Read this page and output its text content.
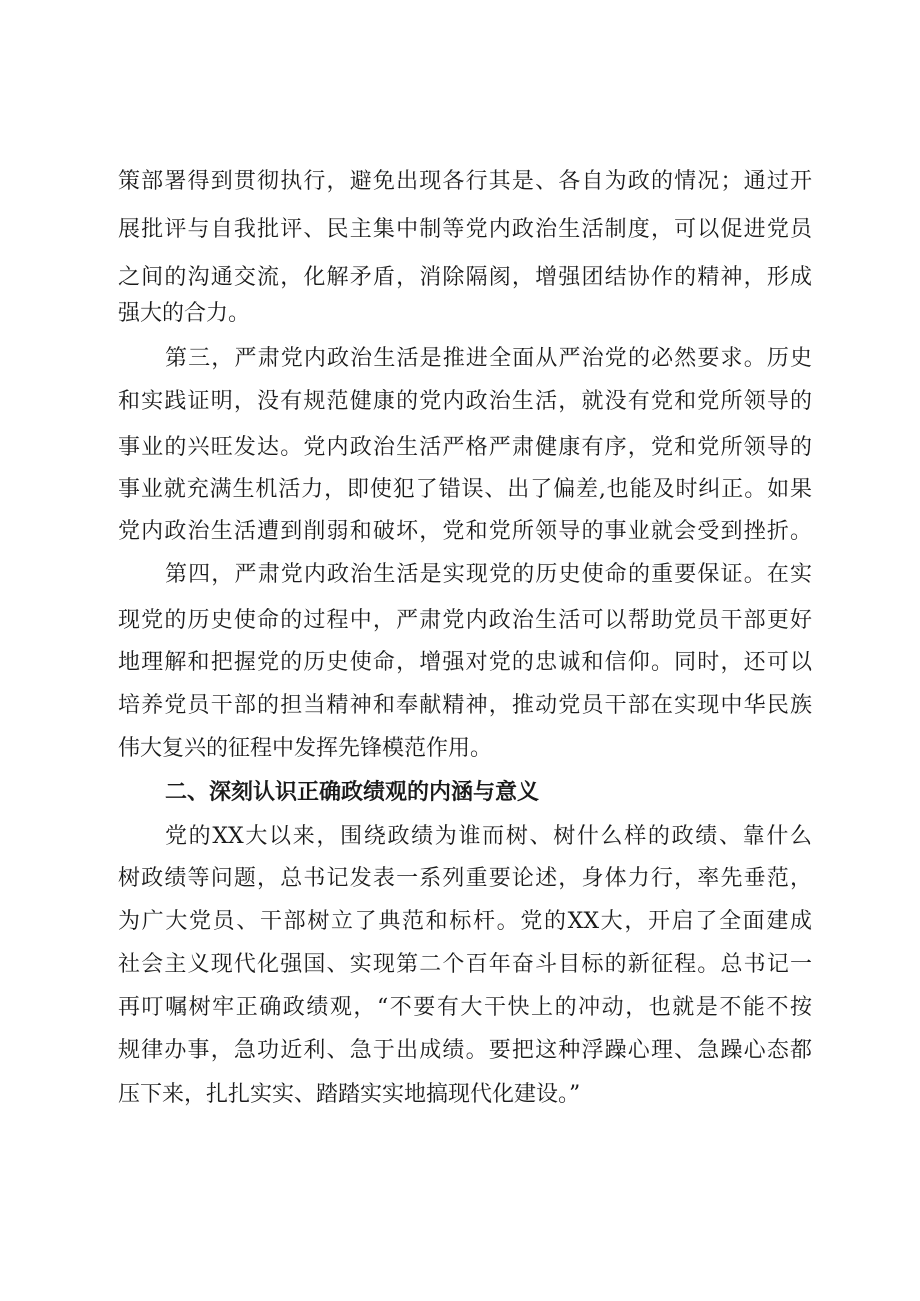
策部署得到贯彻执行，避免出现各行其是、各自为政的情况；通过开
展批评与自我批评、民主集中制等党内政治生活制度，可以促进党员
之间的沟通交流，化解矛盾，消除隔阂，增强团结协作的精神，形成
强大的合力。
第三，严肃党内政治生活是推进全面从严治党的必然要求。历史
和实践证明，没有规范健康的党内政治生活，就没有党和党所领导的
事业的兴旺发达。党内政治生活严格严肃健康有序，党和党所领导的
事业就充满生机活力，即使犯了错误、出了偏差,也能及时纠正。如果
党内政治生活遭到削弱和破坏，党和党所领导的事业就会受到挫折。
第四，严肃党内政治生活是实现党的历史使命的重要保证。在实
现党的历史使命的过程中，严肃党内政治生活可以帮助党员干部更好
地理解和把握党的历史使命，增强对党的忠诚和信仰。同时，还可以
培养党员干部的担当精神和奉献精神，推动党员干部在实现中华民族
伟大复兴的征程中发挥先锋模范作用。
二、深刻认识正确政绩观的内涵与意义
党的XX大以来，围绕政绩为谁而树、树什么样的政绩、靠什么
树政绩等问题，总书记发表一系列重要论述，身体力行，率先垂范，
为广大党员、干部树立了典范和标杆。党的XX大，开启了全面建成
社会主义现代化强国、实现第二个百年奋斗目标的新征程。总书记一
再叮嘱树牢正确政绩观，“不要有大干快上的冲动，也就是不能不按
规律办事，急功近利、急于出成绩。要把这种浮躁心理、急躁心态都
压下来，扎扎实实、踏踏实实地搞现代化建设。”
